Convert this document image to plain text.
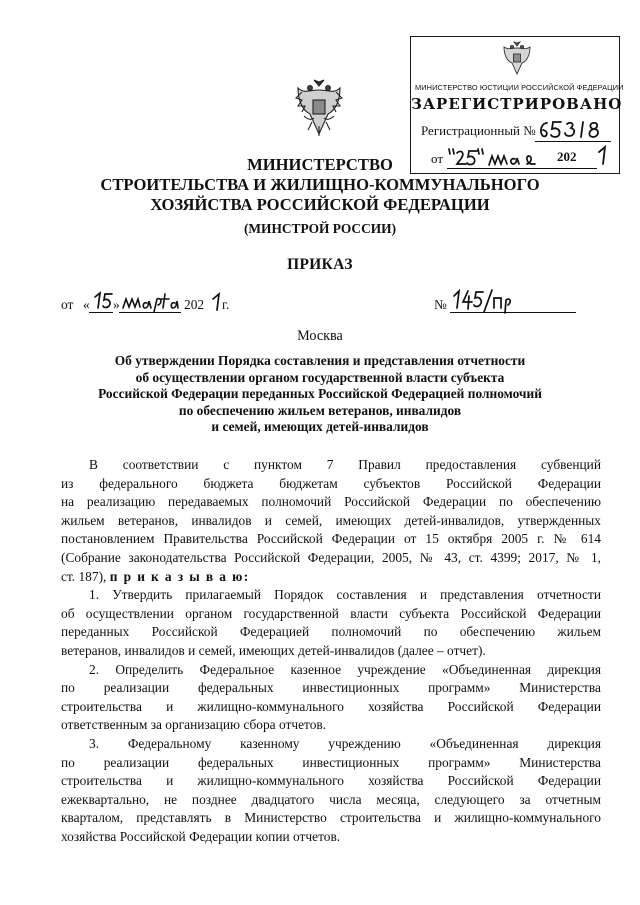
МИНИСТЕРСТВО ЮСТИЦИИ РОССИЙСКОЙ ФЕДЕРАЦИИ
ЗАРЕГИСТРИРОВАНО
Регистрационный №
от	202
МИНИСТЕРСТВО
СТРОИТЕЛЬСТВА И ЖИЛИЩНО-КОММУНАЛЬНОГО
ХОЗЯЙСТВА РОССИЙСКОЙ ФЕДЕРАЦИИ
(МИНСТРОЙ РОССИИ)
ПРИКАЗ
от « »	202 г.	№
Москва
Об утверждении Порядка составления и представления отчетности
об осуществлении органом государственной власти субъекта
Российской Федерации переданных Российской Федерацией полномочий
по обеспечению жильем ветеранов, инвалидов
и семей, имеющих детей-инвалидов
В соответствии с пунктом 7 Правил предоставления субвенций
из федерального бюджета бюджетам субъектов Российской Федерации
на реализацию передаваемых полномочий Российской Федерации по обеспечению
жильем ветеранов, инвалидов и семей, имеющих детей-инвалидов, утвержденных
постановлением Правительства Российской Федерации от 15 октября 2005 г. № 614
(Собрание законодательства Российской Федерации, 2005, № 43, ст. 4399; 2017, № 1,
ст. 187), п р и к а з ы в а ю:
1. Утвердить прилагаемый Порядок составления и представления отчетности
об осуществлении органом государственной власти субъекта Российской Федерации
переданных Российской Федерацией полномочий по обеспечению жильем
ветеранов, инвалидов и семей, имеющих детей-инвалидов (далее – отчет).
2. Определить Федеральное казенное учреждение «Объединенная дирекция
по реализации федеральных инвестиционных программ» Министерства
строительства и жилищно-коммунального хозяйства Российской Федерации
ответственным за организацию сбора отчетов.
3. Федеральному казенному учреждению «Объединенная дирекция
по реализации федеральных инвестиционных программ» Министерства
строительства и жилищно-коммунального хозяйства Российской Федерации
ежеквартально, не позднее двадцатого числа месяца, следующего за отчетным
кварталом, представлять в Министерство строительства и жилищно-коммунального
хозяйства Российской Федерации копии отчетов.
